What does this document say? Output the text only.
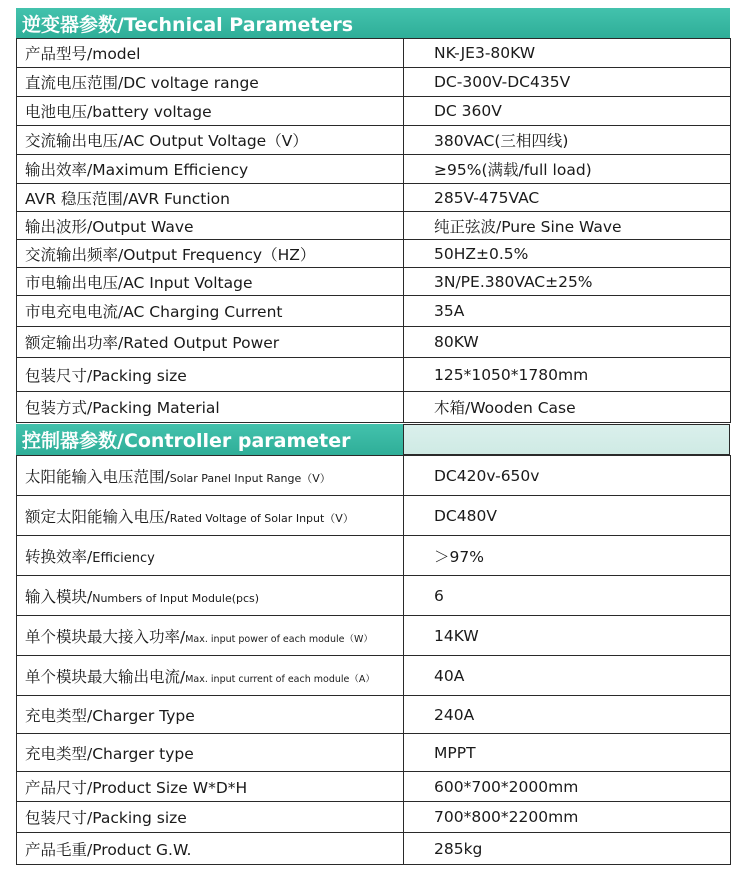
逆变器参数/Technical Parameters
产品型号/model	NK-JE3-80KW
直流电压范围/DC voltage range	DC-300V-DC435V
电池电压/battery voltage	DC 360V
交流输出电压/AC Output Voltage（V）	380VAC(三相四线)
输出效率/Maximum Efficiency	≥95%(满载/full load)
AVR 稳压范围/AVR Function	285V-475VAC
输出波形/Output Wave	纯正弦波/Pure Sine Wave
交流输出频率/Output Frequency（HZ）	50HZ±0.5%
市电输出电压/AC Input Voltage	3N/PE.380VAC±25%
市电充电电流/AC Charging Current	35A
额定输出功率/Rated Output Power	80KW
包装尺寸/Packing size	125*1050*1780mm
包装方式/Packing Material	木箱/Wooden Case
控制器参数/Controller parameter
太阳能输入电压范围/Solar Panel Input Range（V）	DC420v-650v
额定太阳能输入电压/Rated Voltage of Solar Input（V）	DC480V
转换效率/Efficiency	＞97%
输入模块/Numbers of Input Module(pcs)	6
单个模块最大接入功率/Max. input power of each module（W）	14KW
单个模块最大输出电流/Max. input current of each module（A）	40A
充电类型/Charger Type	240A
充电类型/Charger type	MPPT
产品尺寸/Product Size W*D*H	600*700*2000mm
包装尺寸/Packing size	700*800*2200mm
产品毛重/Product G.W.	285kg
